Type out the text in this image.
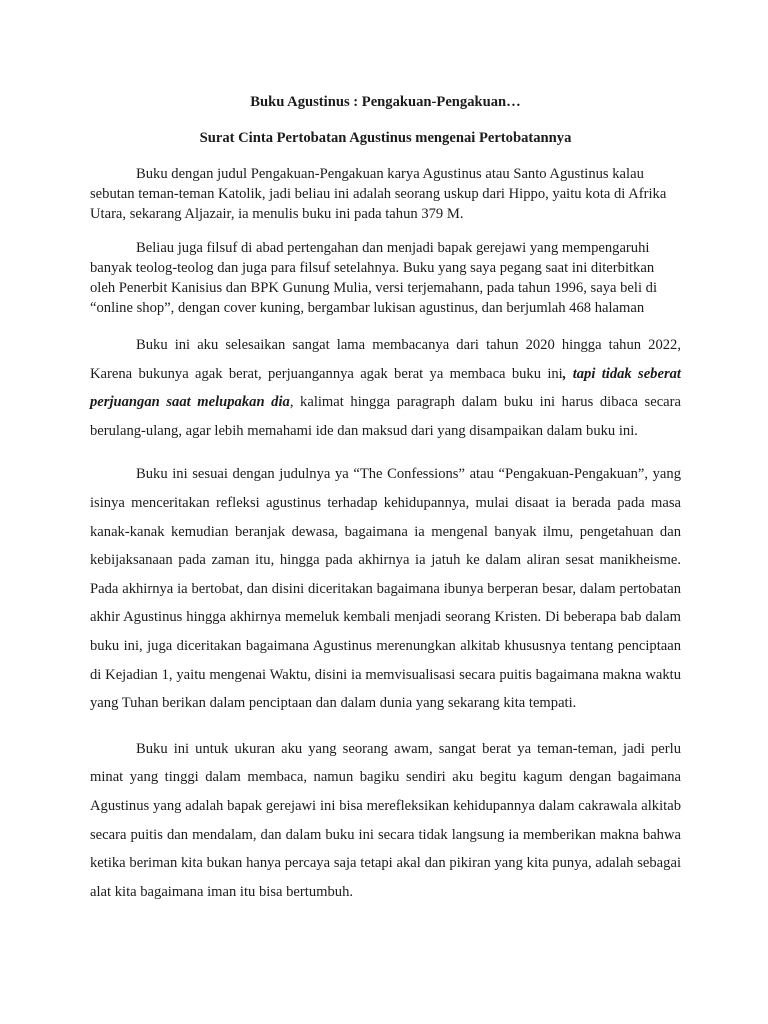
Buku Agustinus : Pengakuan-Pengakuan…

Surat Cinta Pertobatan Agustinus mengenai Pertobatannya

Buku dengan judul Pengakuan-Pengakuan karya Agustinus atau Santo Agustinus kalau sebutan teman-teman Katolik, jadi beliau ini adalah seorang uskup dari Hippo, yaitu kota di Afrika Utara, sekarang Aljazair, ia menulis buku ini pada tahun 379 M.

Beliau juga filsuf di abad pertengahan dan menjadi bapak gerejawi yang mempengaruhi banyak teolog-teolog dan juga para filsuf setelahnya. Buku yang saya pegang saat ini diterbitkan oleh Penerbit Kanisius dan BPK Gunung Mulia, versi terjemahann, pada tahun 1996, saya beli di “online shop”, dengan cover kuning, bergambar lukisan agustinus, dan berjumlah 468 halaman

Buku ini aku selesaikan sangat lama membacanya dari tahun 2020 hingga tahun 2022, Karena bukunya agak berat, perjuangannya agak berat ya membaca buku ini, tapi tidak seberat perjuangan saat melupakan dia, kalimat hingga paragraph dalam buku ini harus dibaca secara berulang-ulang, agar lebih memahami ide dan maksud dari yang disampaikan dalam buku ini.

Buku ini sesuai dengan judulnya ya “The Confessions” atau “Pengakuan-Pengakuan”, yang isinya menceritakan refleksi agustinus terhadap kehidupannya, mulai disaat ia berada pada masa kanak-kanak kemudian beranjak dewasa, bagaimana ia mengenal banyak ilmu, pengetahuan dan kebijaksanaan pada zaman itu, hingga pada akhirnya ia jatuh ke dalam aliran sesat manikheisme. Pada akhirnya ia bertobat, dan disini diceritakan bagaimana ibunya berperan besar, dalam pertobatan akhir Agustinus hingga akhirnya memeluk kembali menjadi seorang Kristen. Di beberapa bab dalam buku ini, juga diceritakan bagaimana Agustinus merenungkan alkitab khususnya tentang penciptaan di Kejadian 1, yaitu mengenai Waktu, disini ia memvisualisasi secara puitis bagaimana makna waktu yang Tuhan berikan dalam penciptaan dan dalam dunia yang sekarang kita tempati.

Buku ini untuk ukuran aku yang seorang awam, sangat berat ya teman-teman, jadi perlu minat yang tinggi dalam membaca, namun bagiku sendiri aku begitu kagum dengan bagaimana Agustinus yang adalah bapak gerejawi ini bisa merefleksikan kehidupannya dalam cakrawala alkitab secara puitis dan mendalam, dan dalam buku ini secara tidak langsung ia memberikan makna bahwa ketika beriman kita bukan hanya percaya saja tetapi akal dan pikiran yang kita punya, adalah sebagai alat kita bagaimana iman itu bisa bertumbuh.
